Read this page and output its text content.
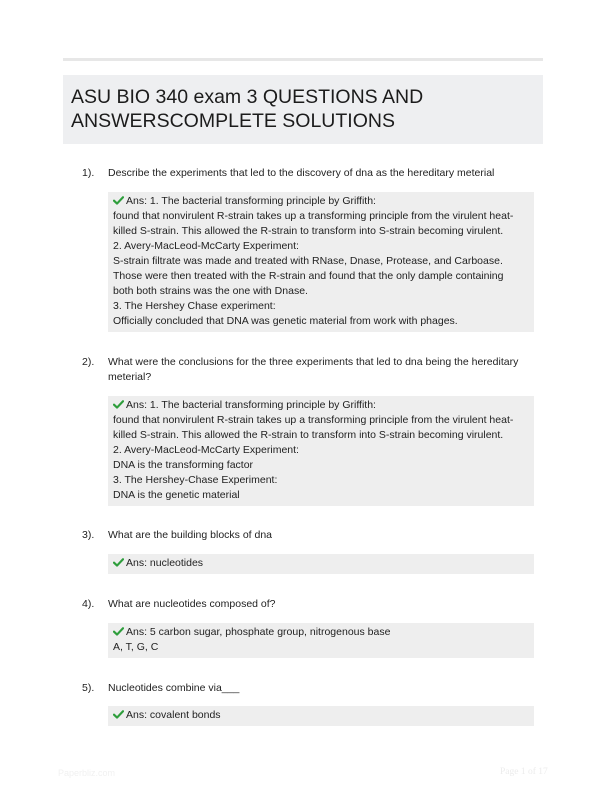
ASU BIO 340 exam 3 QUESTIONS AND
ANSWERSCOMPLETE SOLUTIONS
1). Describe the experiments that led to the discovery of dna as the hereditary meterial
Ans: 1. The bacterial transforming principle by Griffith:
found that nonvirulent R-strain takes up a transforming principle from the virulent heat-
killed S-strain. This allowed the R-strain to transform into S-strain becoming virulent.
2. Avery-MacLeod-McCarty Experiment:
S-strain filtrate was made and treated with RNase, Dnase, Protease, and Carboase.
Those were then treated with the R-strain and found that the only dample containing
both both strains was the one with Dnase.
3. The Hershey Chase experiment:
Officially concluded that DNA was genetic material from work with phages.
2). What were the conclusions for the three experiments that led to dna being the hereditary meterial?
Ans: 1. The bacterial transforming principle by Griffith:
found that nonvirulent R-strain takes up a transforming principle from the virulent heat-
killed S-strain. This allowed the R-strain to transform into S-strain becoming virulent.
2. Avery-MacLeod-McCarty Experiment:
DNA is the transforming factor
3. The Hershey-Chase Experiment:
DNA is the genetic material
3). What are the building blocks of dna
Ans: nucleotides
4). What are nucleotides composed of?
Ans: 5 carbon sugar, phosphate group, nitrogenous base
A, T, G, C
5). Nucleotides combine via___
Ans: covalent bonds
Paperbliz.com	Page 1 of 17
